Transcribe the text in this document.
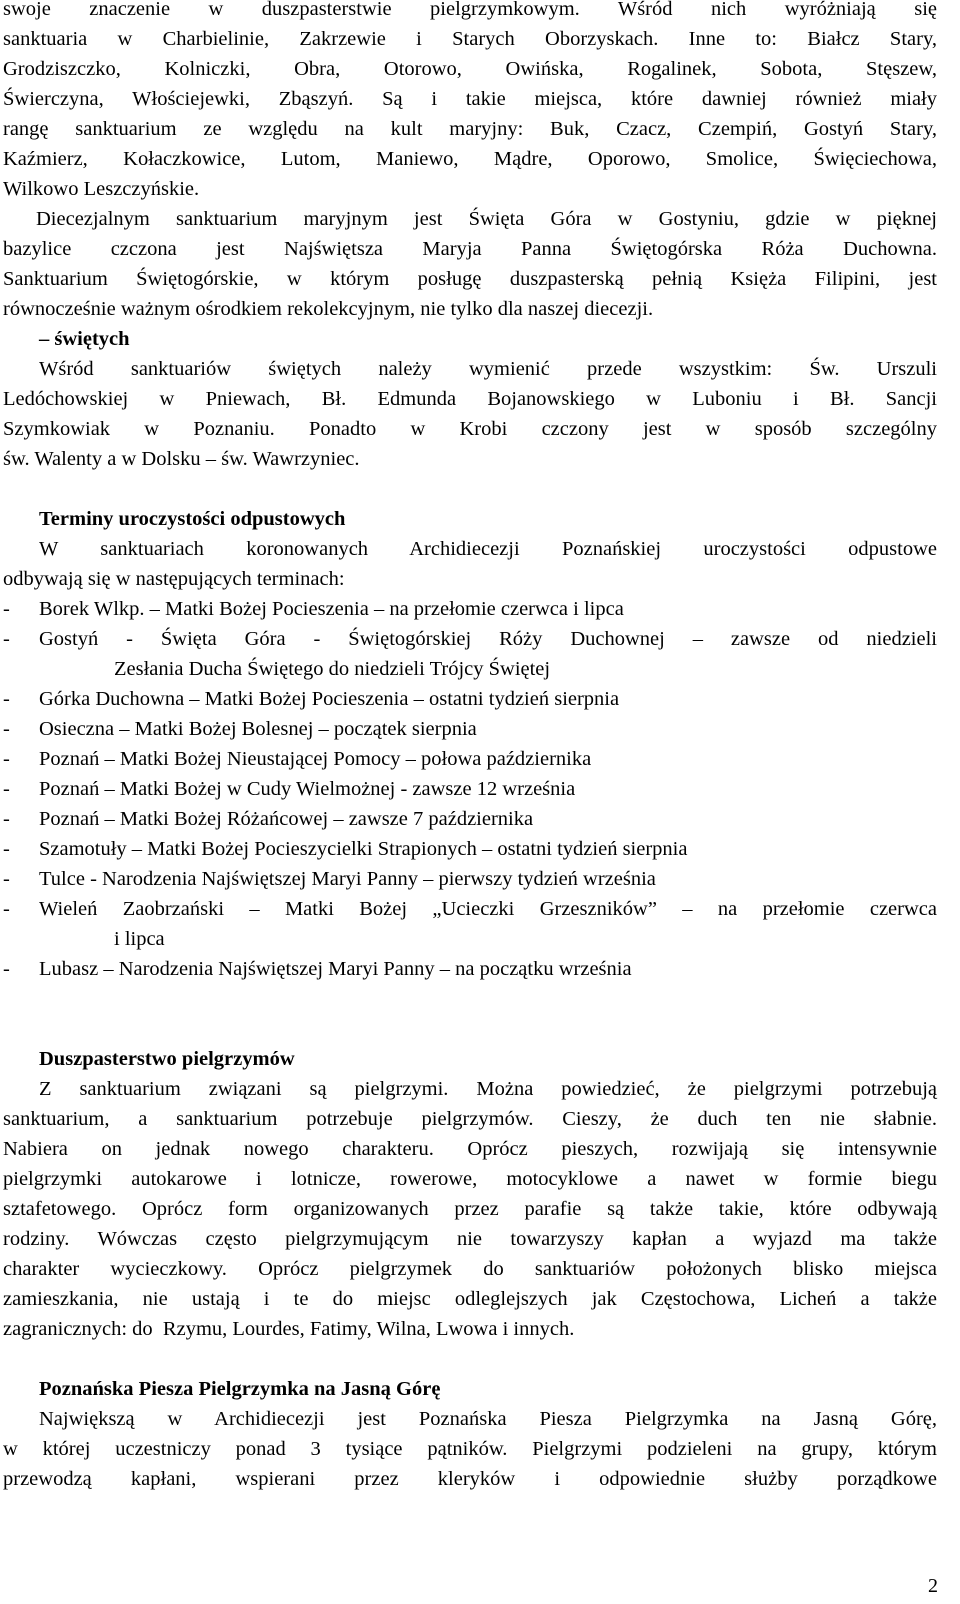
swoje znaczenie w duszpasterstwie pielgrzymkowym. Wśród nich wyróżniają się
sanktuaria w Charbielinie, Zakrzewie i Starych Oborzyskach. Inne to: Białcz Stary,
Grodziszczko, Kolniczki, Obra, Otorowo, Owińska, Rogalinek, Sobota, Stęszew,
Świerczyna, Włościejewki, Zbąszyń. Są i takie miejsca, które dawniej również miały
rangę sanktuarium ze względu na kult maryjny: Buk, Czacz, Czempiń, Gostyń Stary,
Kaźmierz, Kołaczkowice, Lutom, Maniewo, Mądre, Oporowo, Smolice, Święciechowa,
Wilkowo Leszczyńskie.
Diecezjalnym sanktuarium maryjnym jest Święta Góra w Gostyniu, gdzie w pięknej
bazylice czczona jest Najświętsza Maryja Panna Świętogórska Róża Duchowna.
Sanktuarium Świętogórskie, w którym posługę duszpasterską pełnią Księża Filipini, jest
równocześnie ważnym ośrodkiem rekolekcyjnym, nie tylko dla naszej diecezji.
– świętych
Wśród sanktuariów świętych należy wymienić przede wszystkim: Św. Urszuli
Ledóchowskiej w Pniewach, Bł. Edmunda Bojanowskiego w Luboniu i Bł. Sancji
Szymkowiak w Poznaniu. Ponadto w Krobi czczony jest w sposób szczególny
św. Walenty a w Dolsku – św. Wawrzyniec.
Terminy uroczystości odpustowych
W sanktuariach koronowanych Archidiecezji Poznańskiej uroczystości odpustowe
odbywają się w następujących terminach:
-	Borek Wlkp. – Matki Bożej Pocieszenia – na przełomie czerwca i lipca
-	Gostyń - Święta Góra - Świętogórskiej Róży Duchownej – zawsze od niedzieli
Zesłania Ducha Świętego do niedzieli Trójcy Świętej
-	Górka Duchowna – Matki Bożej Pocieszenia – ostatni tydzień sierpnia
-	Osieczna – Matki Bożej Bolesnej – początek sierpnia
-	Poznań – Matki Bożej Nieustającej Pomocy – połowa października
-	Poznań – Matki Bożej w Cudy Wielmożnej - zawsze 12 września
-	Poznań – Matki Bożej Różańcowej – zawsze 7 października
-	Szamotuły – Matki Bożej Pocieszycielki Strapionych – ostatni tydzień sierpnia
-	Tulce - Narodzenia Najświętszej Maryi Panny – pierwszy tydzień września
-	Wieleń Zaobrzański – Matki Bożej „Ucieczki Grzeszników” – na przełomie czerwca
i lipca
-	Lubasz – Narodzenia Najświętszej Maryi Panny – na początku września
Duszpasterstwo pielgrzymów
Z sanktuarium związani są pielgrzymi. Można powiedzieć, że pielgrzymi potrzebują
sanktuarium, a sanktuarium potrzebuje pielgrzymów. Cieszy, że duch ten nie słabnie.
Nabiera on jednak nowego charakteru. Oprócz pieszych, rozwijają się intensywnie
pielgrzymki autokarowe i lotnicze, rowerowe, motocyklowe a nawet w formie biegu
sztafetowego. Oprócz form organizowanych przez parafie są także takie, które odbywają
rodziny. Wówczas często pielgrzymującym nie towarzyszy kapłan a wyjazd ma także
charakter wycieczkowy. Oprócz pielgrzymek do sanktuariów położonych blisko miejsca
zamieszkania, nie ustają i te do miejsc odleglejszych jak Częstochowa, Licheń a także
zagranicznych: do  Rzymu, Lourdes, Fatimy, Wilna, Lwowa i innych.
Poznańska Piesza Pielgrzymka na Jasną Górę
Największą w Archidiecezji jest Poznańska Piesza Pielgrzymka na Jasną Górę,
w której uczestniczy ponad 3 tysiące pątników. Pielgrzymi podzieleni na grupy, którym
przewodzą kapłani, wspierani przez kleryków i odpowiednie służby porządkowe
2
